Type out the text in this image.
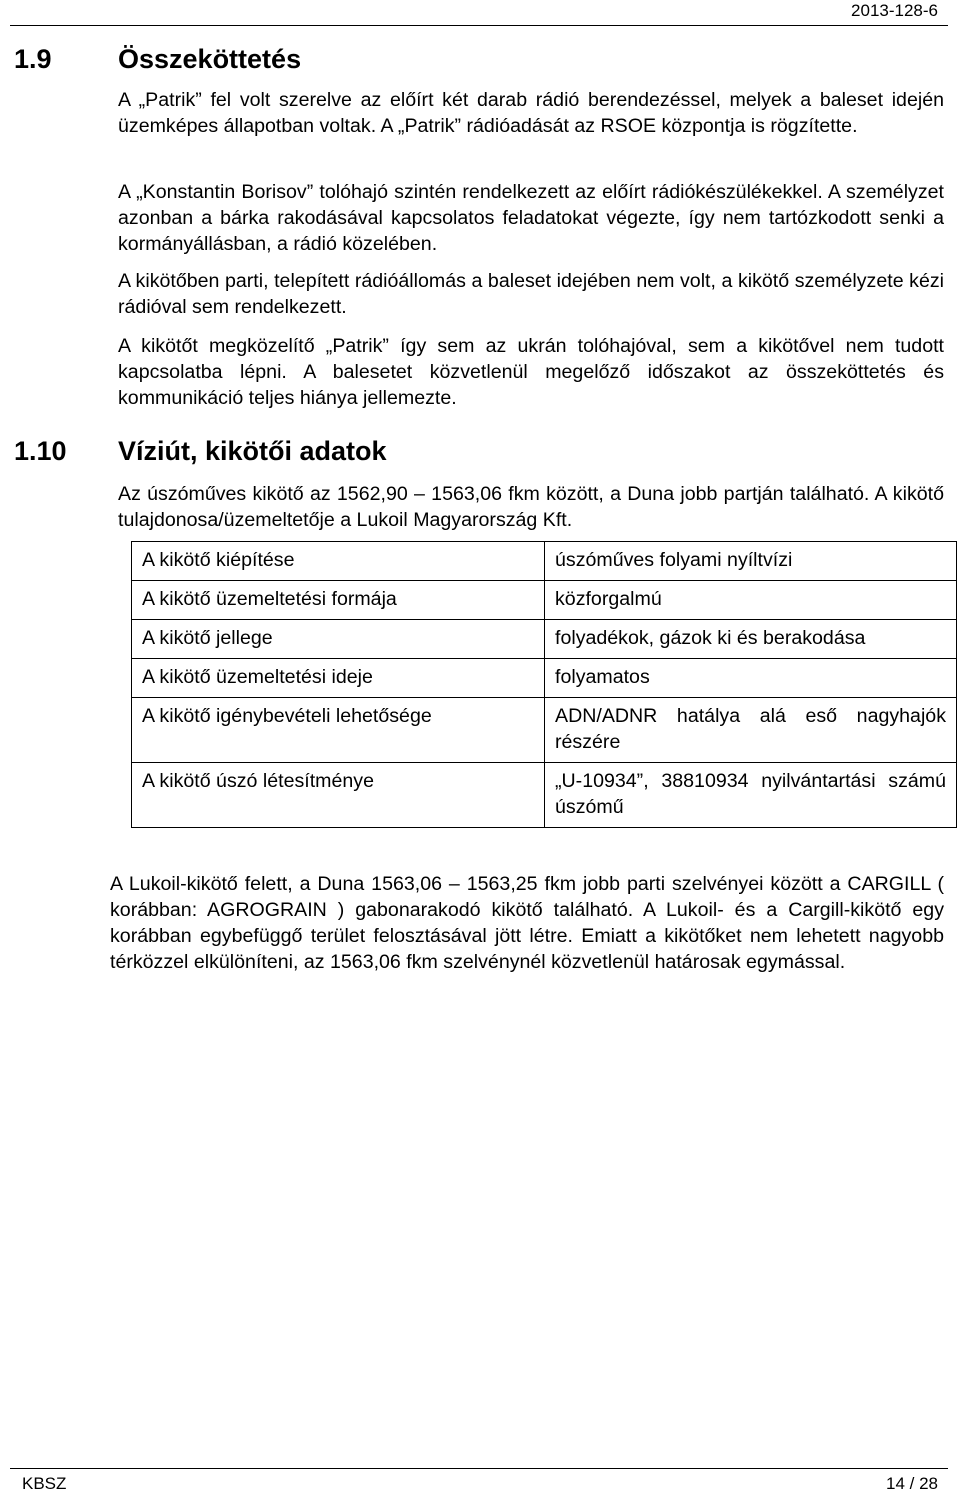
2013-128-6
1.9 Összeköttetés

A „Patrik” fel volt szerelve az előírt két darab rádió berendezéssel, melyek a baleset idején üzemképes állapotban voltak. A „Patrik” rádióadását az RSOE központja is rögzítette.

A „Konstantin Borisov” tolóhajó szintén rendelkezett az előírt rádiókészülékekkel. A személyzet azonban a bárka rakodásával kapcsolatos feladatokat végezte, így nem tartózkodott senki a kormányállásban, a rádió közelében.

A kikötőben parti, telepített rádióállomás a baleset idejében nem volt, a kikötő személyzete kézi rádióval sem rendelkezett.

A kikötőt megközelítő „Patrik” így sem az ukrán tolóhajóval, sem a kikötővel nem tudott kapcsolatba lépni. A balesetet közvetlenül megelőző időszakot az összeköttetés és kommunikáció teljes hiánya jellemezte.

1.10 Víziút, kikötői adatok

Az úszóműves kikötő az 1562,90 – 1563,06 fkm között, a Duna jobb partján található. A kikötő tulajdonosa/üzemeltetője a Lukoil Magyarország Kft.

A kikötő kiépítése	úszóműves folyami nyíltvízi
A kikötő üzemeltetési formája	közforgalmú
A kikötő jellege	folyadékok, gázok ki és berakodása
A kikötő üzemeltetési ideje	folyamatos
A kikötő igénybevételi lehetősége	ADN/ADNR hatálya alá eső nagyhajók részére
A kikötő úszó létesítménye	„U-10934”, 38810934 nyilvántartási számú úszómű

A Lukoil-kikötő felett, a Duna 1563,06 – 1563,25 fkm jobb parti szelvényei között a CARGILL ( korábban: AGROGRAIN ) gabonarakodó kikötő található. A Lukoil- és a Cargill-kikötő egy korábban egybefüggő terület felosztásával jött létre. Emiatt a kikötőket nem lehetett nagyobb térközzel elkülöníteni, az 1563,06 fkm szelvénynél közvetlenül határosak egymással.

KBSZ	14 / 28
